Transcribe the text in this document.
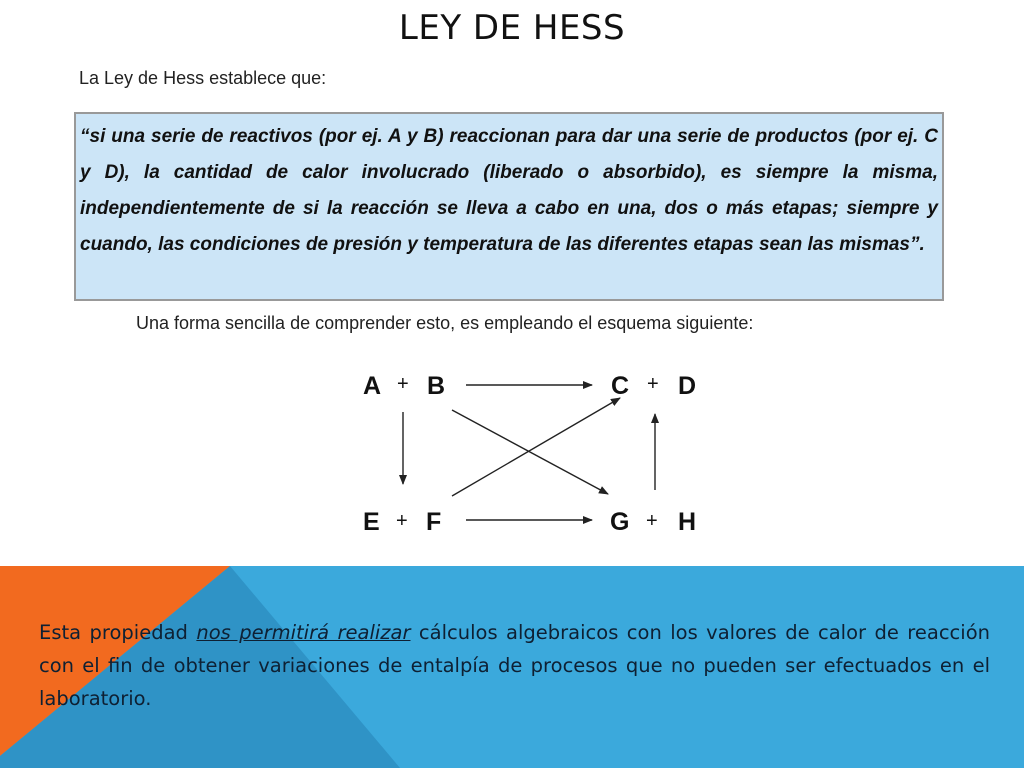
LEY DE HESS
La Ley de Hess establece que:

“si una serie de reactivos (por ej. A y B) reaccionan para dar una serie de productos (por ej. C y D), la cantidad de calor involucrado (liberado o absorbido), es siempre la misma, independientemente de si la reacción se lleva a cabo en una, dos o más etapas; siempre y cuando, las condiciones de presión y temperatura de las diferentes etapas sean las mismas”.

Una forma sencilla de comprender esto, es empleando el esquema siguiente:
A + B	C + D
E + F	G + H

Esta propiedad nos permitirá realizar cálculos algebraicos con los valores de calor de reacción con el fin de obtener variaciones de entalpía de procesos que no pueden ser efectuados en el laboratorio.
